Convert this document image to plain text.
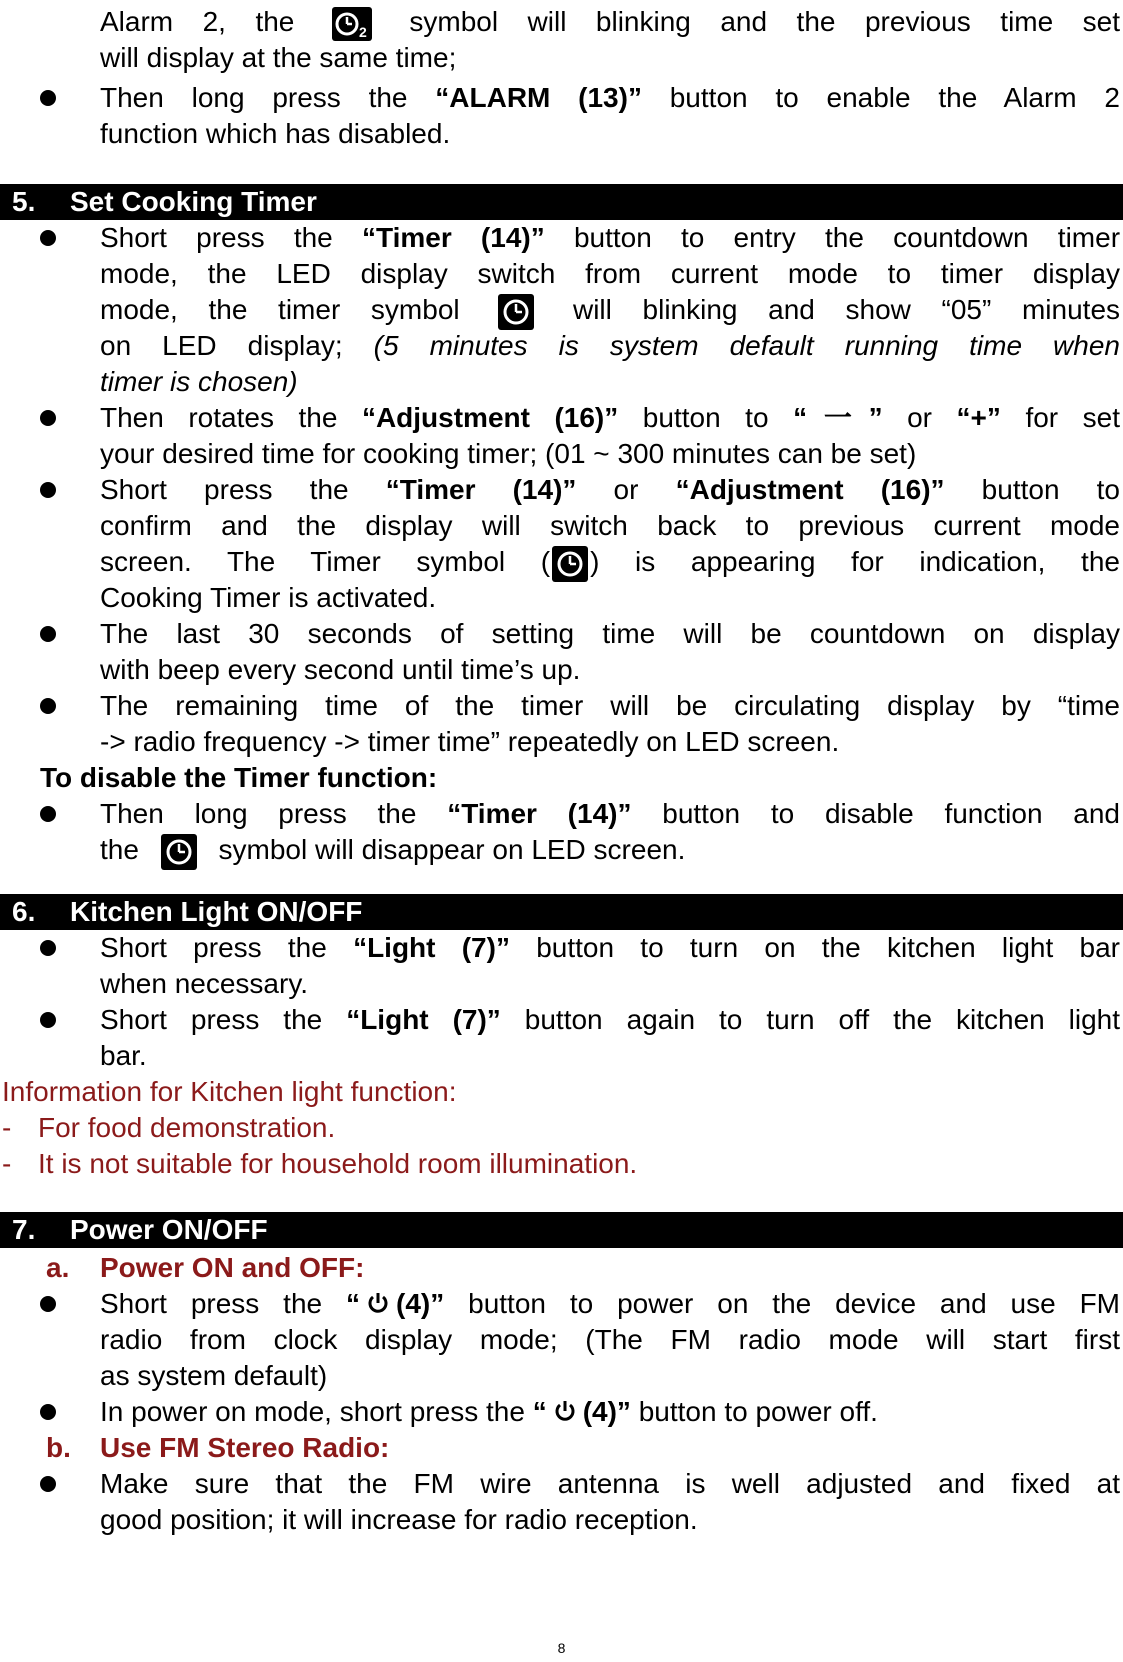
Alarm 2, the	2 symbol will blinking and the previous time set
will display at the same time;
Then long press the “ALARM (13)” button to enable the Alarm 2
function which has disabled.
5. Set Cooking Timer
Short press the “Timer (14)” button to entry the countdown timer
mode, the LED display switch from current mode to timer display
mode, the timer symbol	will blinking and show “05” minutes
on LED display; (5 minutes is system default running time when
timer is chosen)
Then rotates the “Adjustment (16)” button to “一” or “+” for set
your desired time for cooking timer; (01 ~ 300 minutes can be set)
Short press the “Timer (14)” or “Adjustment (16)” button to
confirm and the display will switch back to previous current mode
screen. The Timer symbol ( ) is appearing for indication, the
Cooking Timer is activated.
The last 30 seconds of setting time will be countdown on display
with beep every second until time’s up.
The remaining time of the timer will be circulating display by “time
-> radio frequency -> timer time” repeatedly on LED screen.
To disable the Timer function:
Then long press the “Timer (14)” button to disable function and
the	symbol will disappear on LED screen.
6. Kitchen Light ON/OFF
Short press the “Light (7)” button to turn on the kitchen light bar
when necessary.
Short press the “Light (7)” button again to turn off the kitchen light
bar.
Information for Kitchen light function:
- For food demonstration.
- It is not suitable for household room illumination.
7. Power ON/OFF
a. Power ON and OFF:
Short press the “ (4)” button to power on the device and use FM
radio from clock display mode; (The FM radio mode will start first
as system default)
In power on mode, short press the “ (4)” button to power off.
b. Use FM Stereo Radio:
Make sure that the FM wire antenna is well adjusted and fixed at
good position; it will increase for radio reception.
8
